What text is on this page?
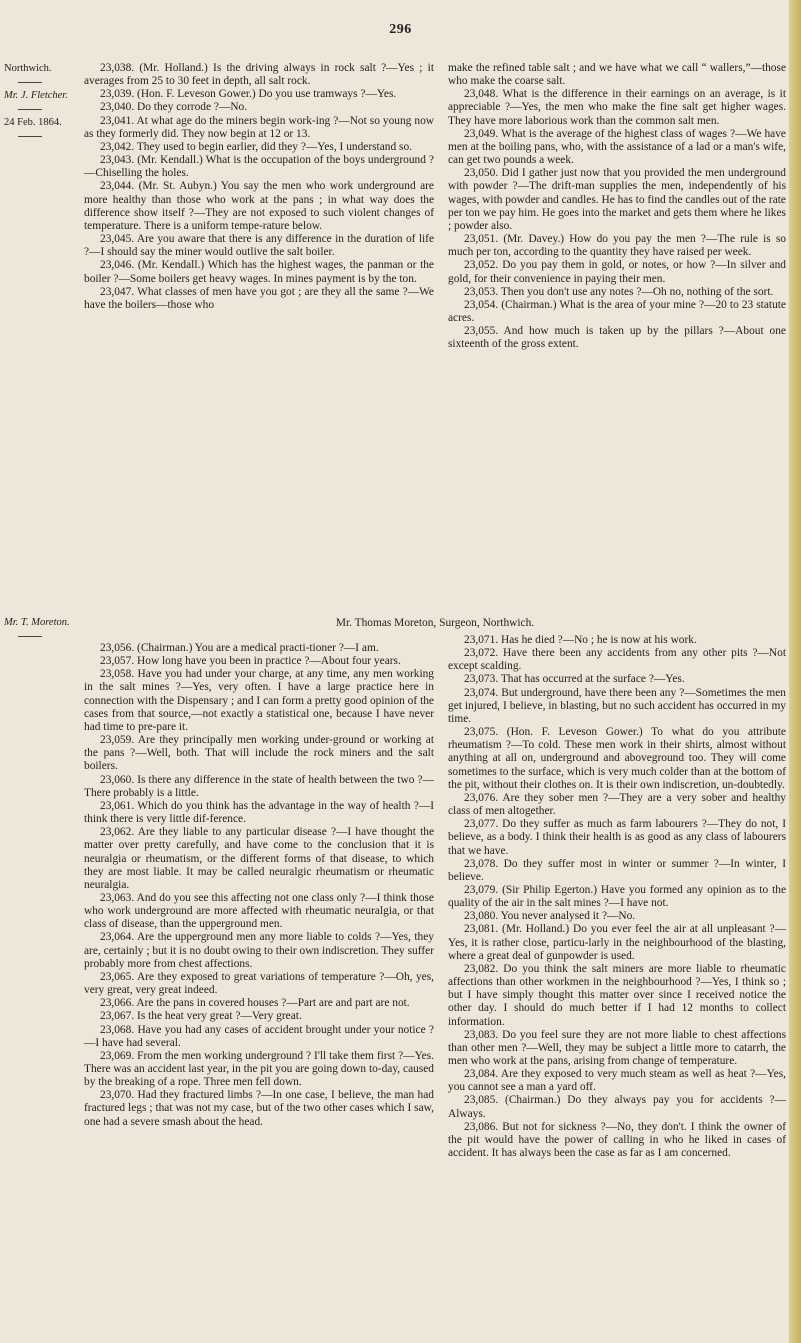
296
Northwich.
Mr. J. Fletcher.
24 Feb. 1864.

23,038. (Mr. Holland.) Is the driving always in rock salt ?—Yes ; it averages from 25 to 30 feet in depth, all salt rock.

23,039. (Hon. F. Leveson Gower.) Do you use tramways ?—Yes.

23,040. Do they corrode ?—No.

23,041. At what age do the miners begin work-ing ?—Not so young now as they formerly did. They now begin at 12 or 13.

23,042. They used to begin earlier, did they ?—Yes, I understand so.

23,043. (Mr. Kendall.) What is the occupation of the boys underground ?—Chiselling the holes.

23,044. (Mr. St. Aubyn.) You say the men who work underground are more healthy than those who work at the pans ; in what way does the difference show itself ?—They are not exposed to such violent changes of temperature. There is a uniform tempe-rature below.

23,045. Are you aware that there is any difference in the duration of life ?—I should say the miner would outlive the salt boiler.

23,046. (Mr. Kendall.) Which has the highest wages, the panman or the boiler ?—Some boilers get heavy wages. In mines payment is by the ton.

23,047. What classes of men have you got ; are they all the same ?—We have the boilers—those who

make the refined table salt ; and we have what we call “ wallers,”—those who make the coarse salt.

23,048. What is the difference in their earnings on an average, is it appreciable ?—Yes, the men who make the fine salt get higher wages. They have more laborious work than the common salt men.

23,049. What is the average of the highest class of wages ?—We have men at the boiling pans, who, with the assistance of a lad or a man's wife, can get two pounds a week.

23,050. Did I gather just now that you provided the men underground with powder ?—The drift-man supplies the men, independently of his wages, with powder and candles. He has to find the candles out of the rate per ton we pay him. He goes into the market and gets them where he likes ; powder also.

23,051. (Mr. Davey.) How do you pay the men ?—The rule is so much per ton, according to the quantity they have raised per week.

23,052. Do you pay them in gold, or notes, or how ?—In silver and gold, for their convenience in paying their men.

23,053. Then you don't use any notes ?—Oh no, nothing of the sort.

23,054. (Chairman.) What is the area of your mine ?—20 to 23 statute acres.

23,055. And how much is taken up by the pillars ?—About one sixteenth of the gross extent.

Mr. T. Moreton.	Mr. Thomas Moreton, Surgeon, Northwich.

23,056. (Chairman.) You are a medical practi-tioner ?—I am.

23,057. How long have you been in practice ?—About four years.

23,058. Have you had under your charge, at any time, any men working in the salt mines ?—Yes, very often. I have a large practice here in connection with the Dispensary ; and I can form a pretty good opinion of the cases from that source,—not exactly a statistical one, because I have never had time to pre-pare it.

23,059. Are they principally men working under-ground or working at the pans ?—Well, both. That will include the rock miners and the salt boilers.

23,060. Is there any difference in the state of health between the two ?—There probably is a little.

23,061. Which do you think has the advantage in the way of health ?—I think there is very little dif-ference.

23,062. Are they liable to any particular disease ?—I have thought the matter over pretty carefully, and have come to the conclusion that it is neuralgia or rheumatism, or the different forms of that disease, to which they are most liable. It may be called neuralgic rheumatism or rheumatic neuralgia.

23,063. And do you see this affecting not one class only ?—I think those who work underground are more affected with rheumatic neuralgia, or that class of disease, than the upperground men.

23,064. Are the upperground men any more liable to colds ?—Yes, they are, certainly ; but it is no doubt owing to their own indiscretion. They suffer probably more from chest affections.

23,065. Are they exposed to great variations of temperature ?—Oh, yes, very great, very great indeed.

23,066. Are the pans in covered houses ?—Part are and part are not.

23,067. Is the heat very great ?—Very great.

23,068. Have you had any cases of accident brought under your notice ?—I have had several.

23,069. From the men working underground ? I'll take them first ?—Yes. There was an accident last year, in the pit you are going down to-day, caused by the breaking of a rope. Three men fell down.

23,070. Had they fractured limbs ?—In one case, I believe, the man had fractured legs ; that was not my case, but of the two other cases which I saw, one had a severe smash about the head.

23,071. Has he died ?—No ; he is now at his work.

23,072. Have there been any accidents from any other pits ?—Not except scalding.

23,073. That has occurred at the surface ?—Yes.

23,074. But underground, have there been any ?—Sometimes the men get injured, I believe, in blasting, but no such accident has occurred in my time.

23,075. (Hon. F. Leveson Gower.) To what do you attribute rheumatism ?—To cold. These men work in their shirts, almost without anything at all on, underground and aboveground too. They will come sometimes to the surface, which is very much colder than at the bottom of the pit, without their clothes on. It is their own indiscretion, un-doubtedly.

23,076. Are they sober men ?—They are a very sober and healthy class of men altogether.

23,077. Do they suffer as much as farm labourers ?—They do not, I believe, as a body. I think their health is as good as any class of labourers that we have.

23,078. Do they suffer most in winter or summer ?—In winter, I believe.

23,079. (Sir Philip Egerton.) Have you formed any opinion as to the quality of the air in the salt mines ?—I have not.

23,080. You never analysed it ?—No.

23,081. (Mr. Holland.) Do you ever feel the air at all unpleasant ?—Yes, it is rather close, particu-larly in the neighbourhood of the blasting, where a great deal of gunpowder is used.

23,082. Do you think the salt miners are more liable to rheumatic affections than other workmen in the neighbourhood ?—Yes, I think so ; but I have simply thought this matter over since I received notice the other day. I should do much better if I had 12 months to collect information.

23,083. Do you feel sure they are not more liable to chest affections than other men ?—Well, they may be subject a little more to catarrh, the men who work at the pans, arising from change of temperature.

23,084. Are they exposed to very much steam as well as heat ?—Yes, you cannot see a man a yard off.

23,085. (Chairman.) Do they always pay you for accidents ?—Always.

23,086. But not for sickness ?—No, they don't. I think the owner of the pit would have the power of calling in who he liked in cases of accident. It has always been the case as far as I am concerned.
